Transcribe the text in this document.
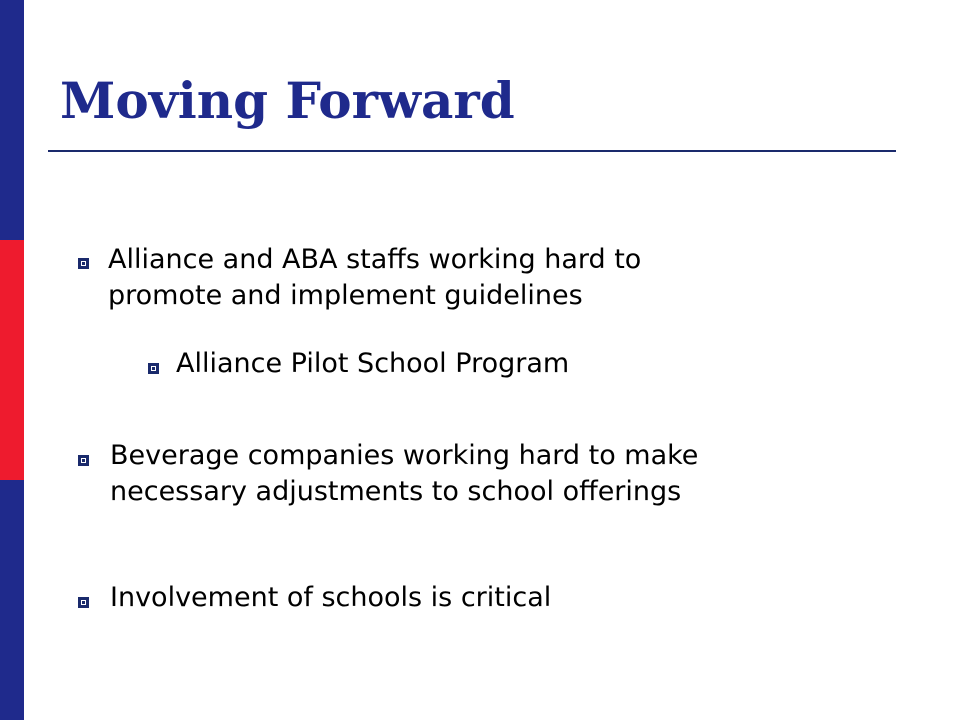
Moving Forward

Alliance and ABA staffs working hard to
promote and implement guidelines

Alliance Pilot School Program

Beverage companies working hard to make
necessary adjustments to school offerings

Involvement of schools is critical
